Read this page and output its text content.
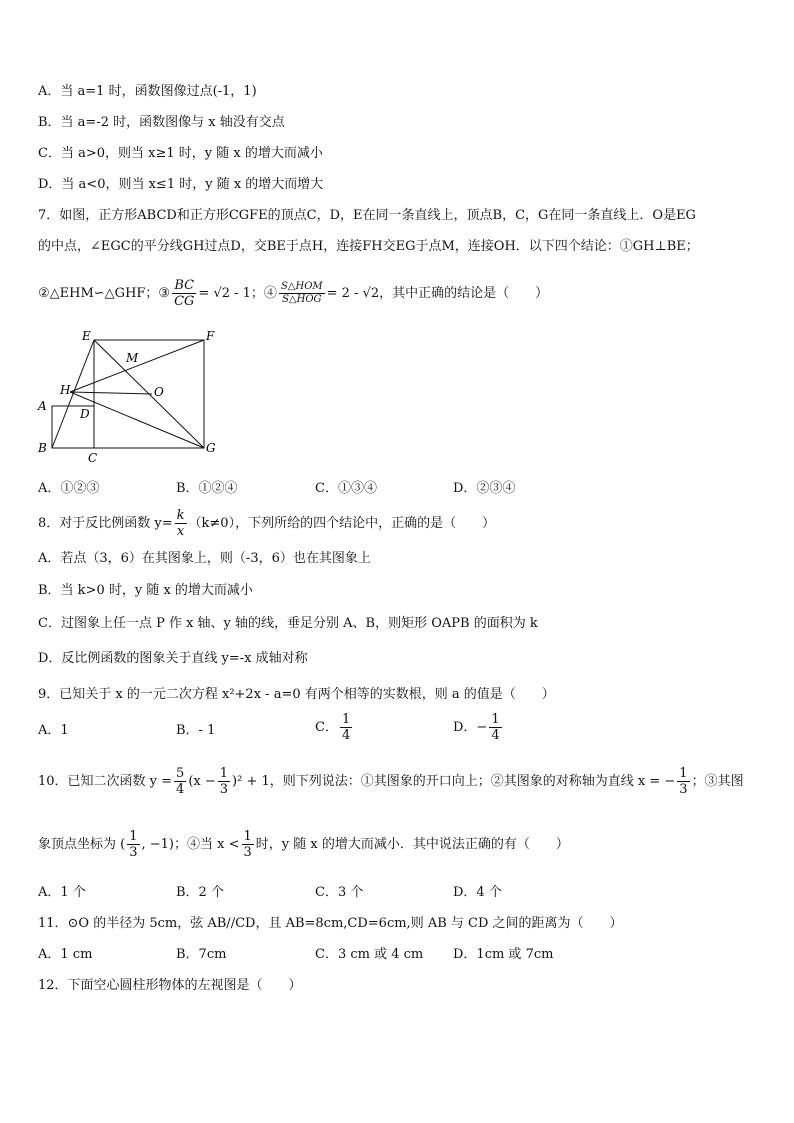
A．当 a=1 时，函数图像过点(-1，1)
B．当 a=-2 时，函数图像与 x 轴没有交点
C．当 a>0，则当 x≥1 时，y 随 x 的增大而减小
D．当 a<0，则当 x≤1 时，y 随 x 的增大而增大
7．如图，正方形ABCD和正方形CGFE的顶点C，D，E在同一条直线上，顶点B，C，G在同一条直线上．O是EG
的中点，∠EGC的平分线GH过点D，交BE于点H，连接FH交EG于点M，连接OH．以下四个结论：①GH⊥BE；
②△EHM∽△GHF；③ $\frac{BC}{CG} = √2 - 1$；④ $\frac{\text{S△HOM}}{\text{S△HOG}} = 2 - √2$，其中正确的结论是（　　）
E	F
M
H	O
A
D
B
C
G
A．①②③	B．①②④	C．①③④	D．②③④
8．对于反比例函数 $y= \frac{k}{x} (k\ne 0)$，下列所给的四个结论中，正确的是（　　）
A．若点（3，6）在其图象上，则（-3，6）也在其图象上
B．当 k>0 时，y 随 x 的增大而减小
C．过图象上任一点 P 作 x 轴、y 轴的线，垂足分别 A、B，则矩形 OAPB 的面积为 k
D．反比例函数的图象关于直线 y=-x 成轴对称
9．已知关于 x 的一元二次方程 x²+2x - a=0 有两个相等的实数根，则 a 的值是（　　）
A．1	B．- 1	C． $\frac{1}{4}$	D．− $\frac{1}{4}$
10．已知二次函数 $y = \frac{5}{4} (x - \frac{1}{3} )^2 + 1$，则下列说法：①其图象的开口向上；②其图象的对称轴为直线 x = − $\frac{1}{3}$ ；③其图
象顶点坐标为 ( $\frac{1}{3}$ , −1)；④当 $x < \frac{1}{3}$ 时，y 随 x 的增大而减小．其中说法正确的有（　　）
A．1 个	B．2 个	C．3 个	D．4 个
11．⊙O 的半径为 5cm，弦 AB//CD，且 AB=8cm,CD=6cm,则 AB 与 CD 之间的距离为（　　）
A．1 cm	B．7cm	C．3 cm 或 4 cm D．1cm 或 7cm
12．下面空心圆柱形物体的左视图是（　　）
